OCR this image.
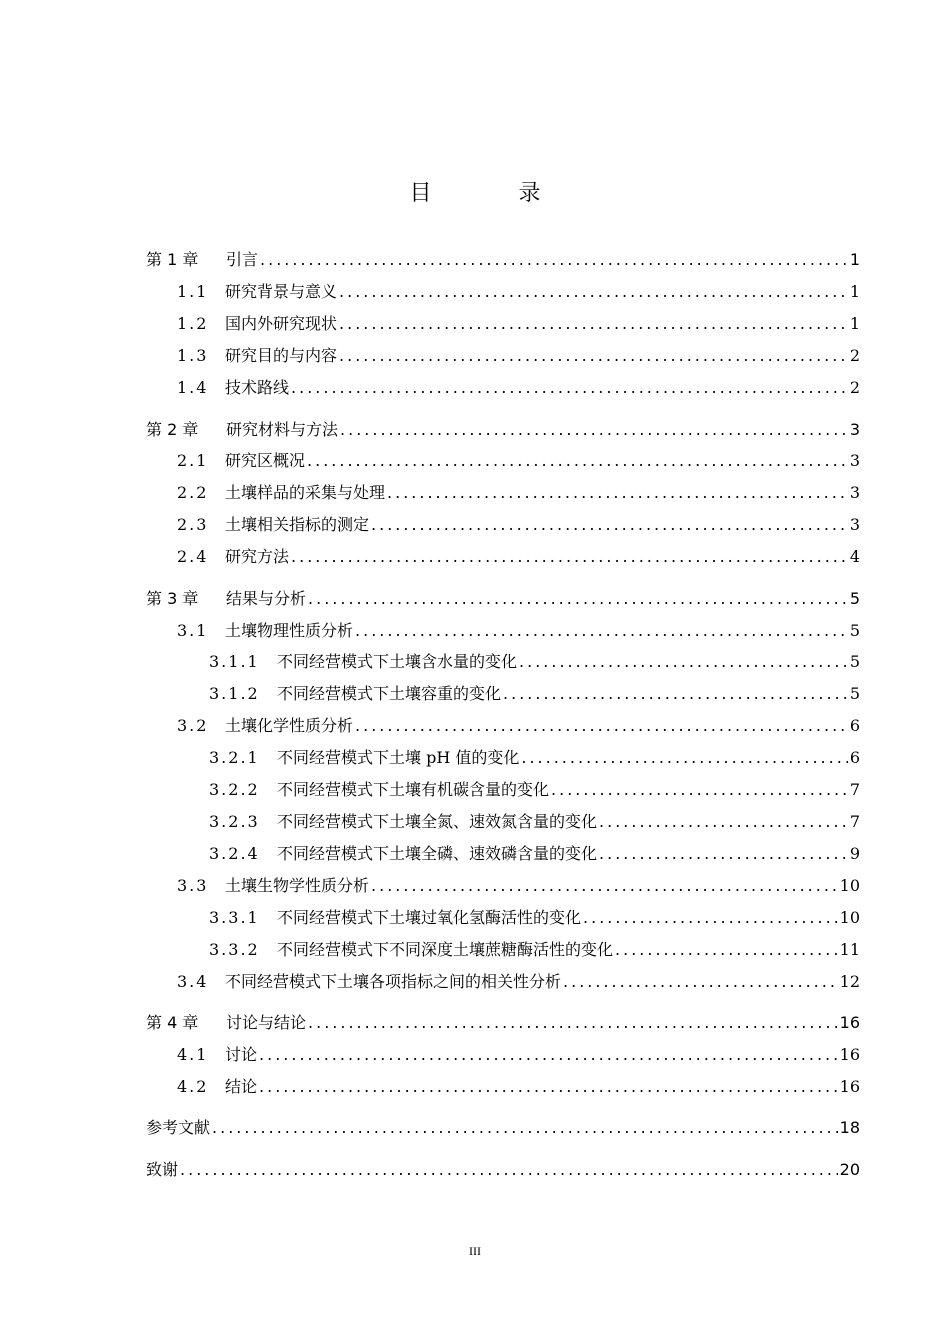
目 录
第 1 章	引言 .....	1
1.1	研究背景与意义 .....	1
1.2	国内外研究现状 .....	1
1.3	研究目的与内容 .....	2
1.4	技术路线 .....	2
第 2 章	研究材料与方法 .....	3
2.1	研究区概况 .....	3
2.2	土壤样品的采集与处理 .....	3
2.3	土壤相关指标的测定 .....	3
2.4	研究方法 .....	4
第 3 章	结果与分析 .....	5
3.1	土壤物理性质分析 .....	5
3.1.1	不同经营模式下土壤含水量的变化 .....	5
3.1.2	不同经营模式下土壤容重的变化 .....	5
3.2	土壤化学性质分析 .....	6
3.2.1	不同经营模式下土壤 pH 值的变化 .....	6
3.2.2	不同经营模式下土壤有机碳含量的变化 .....	7
3.2.3	不同经营模式下土壤全氮、速效氮含量的变化 .....	7
3.2.4	不同经营模式下土壤全磷、速效磷含量的变化 .....	9
3.3	土壤生物学性质分析 .....	10
3.3.1	不同经营模式下土壤过氧化氢酶活性的变化 .....	10
3.3.2	不同经营模式下不同深度土壤蔗糖酶活性的变化 .....	11
3.4	不同经营模式下土壤各项指标之间的相关性分析 .....	12
第 4 章	讨论与结论 .....	16
4.1	讨论 .....	16
4.2	结论 .....	16
参考文献 .....	18
致谢 .....	20
III
